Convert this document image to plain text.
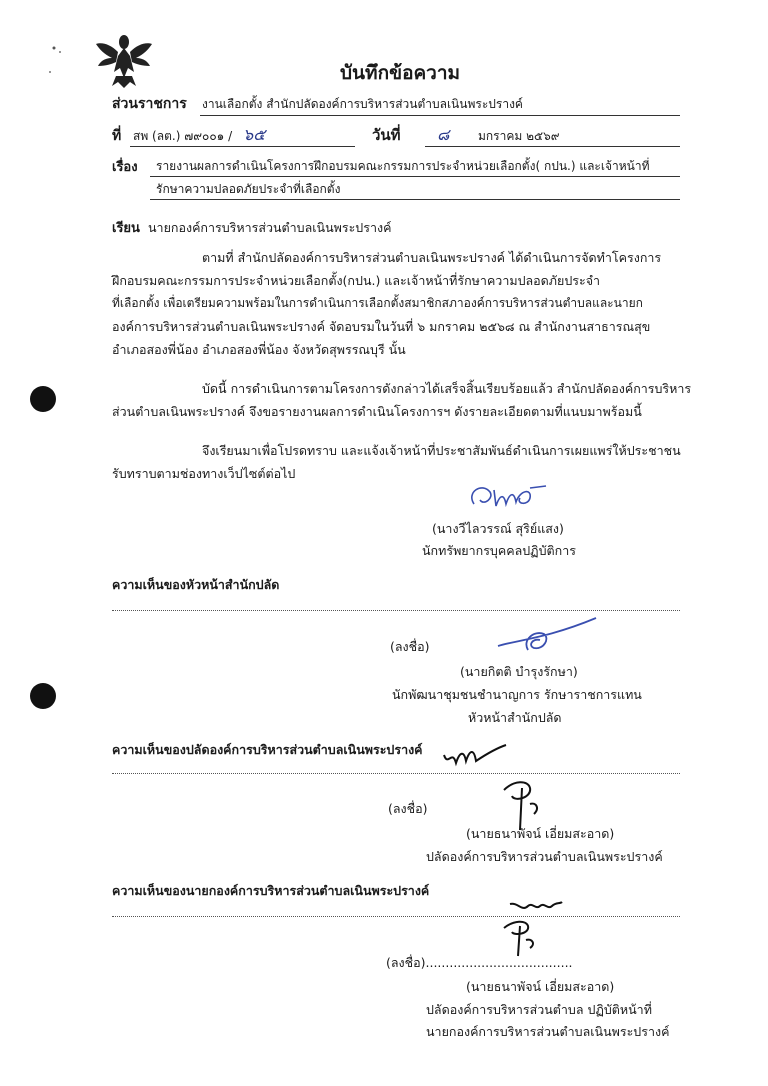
บันทึกข้อความ
ส่วนราชการ งานเลือกตั้ง สำนักปลัดองค์การบริหารส่วนตำบลเนินพระปรางค์
ที่ สพ (ลต.) ๗๙๐๐๑ / ๖๕	วันที่ ๘ มกราคม ๒๕๖๙
เรื่อง รายงานผลการดำเนินโครงการฝึกอบรมคณะกรรมการประจำหน่วยเลือกตั้ง( กปน.) และเจ้าหน้าที่
รักษาความปลอดภัยประจำที่เลือกตั้ง
เรียน นายกองค์การบริหารส่วนตำบลเนินพระปรางค์
ตามที่ สำนักปลัดองค์การบริหารส่วนตำบลเนินพระปรางค์ ได้ดำเนินการจัดทำโครงการ
ฝึกอบรมคณะกรรมการประจำหน่วยเลือกตั้ง(กปน.) และเจ้าหน้าที่รักษาความปลอดภัยประจำ
ที่เลือกตั้ง เพื่อเตรียมความพร้อมในการดำเนินการเลือกตั้งสมาชิกสภาองค์การบริหารส่วนตำบลและนายก
องค์การบริหารส่วนตำบลเนินพระปรางค์ จัดอบรมในวันที่ ๖ มกราคม ๒๕๖๘ ณ สำนักงานสาธารณสุข
อำเภอสองพี่น้อง อำเภอสองพี่น้อง จังหวัดสุพรรณบุรี นั้น
บัดนี้ การดำเนินการตามโครงการดังกล่าวได้เสร็จสิ้นเรียบร้อยแล้ว สำนักปลัดองค์การบริหาร
ส่วนตำบลเนินพระปรางค์ จึงขอรายงานผลการดำเนินโครงการฯ ดังรายละเอียดตามที่แนบมาพร้อมนี้
จึงเรียนมาเพื่อโปรดทราบ และแจ้งเจ้าหน้าที่ประชาสัมพันธ์ดำเนินการเผยแพร่ให้ประชาชน
รับทราบตามช่องทางเว็ปไซต์ต่อไป
(นางวีไลวรรณ์ สุริย์แสง)
นักทรัพยากรบุคคลปฏิบัติการ
ความเห็นของหัวหน้าสำนักปลัด
(ลงชื่อ)
(นายกิตติ บำรุงรักษา)
นักพัฒนาชุมชนชำนาญการ รักษาราชการแทน
หัวหน้าสำนักปลัด
ความเห็นของปลัดองค์การบริหารส่วนตำบลเนินพระปรางค์
(ลงชื่อ)
(นายธนาพัจน์ เอี่ยมสะอาด)
ปลัดองค์การบริหารส่วนตำบลเนินพระปรางค์
ความเห็นของนายกองค์การบริหารส่วนตำบลเนินพระปรางค์
(ลงชื่อ).....................................
(นายธนาพัจน์ เอี่ยมสะอาด)
ปลัดองค์การบริหารส่วนตำบล ปฏิบัติหน้าที่
นายกองค์การบริหารส่วนตำบลเนินพระปรางค์
